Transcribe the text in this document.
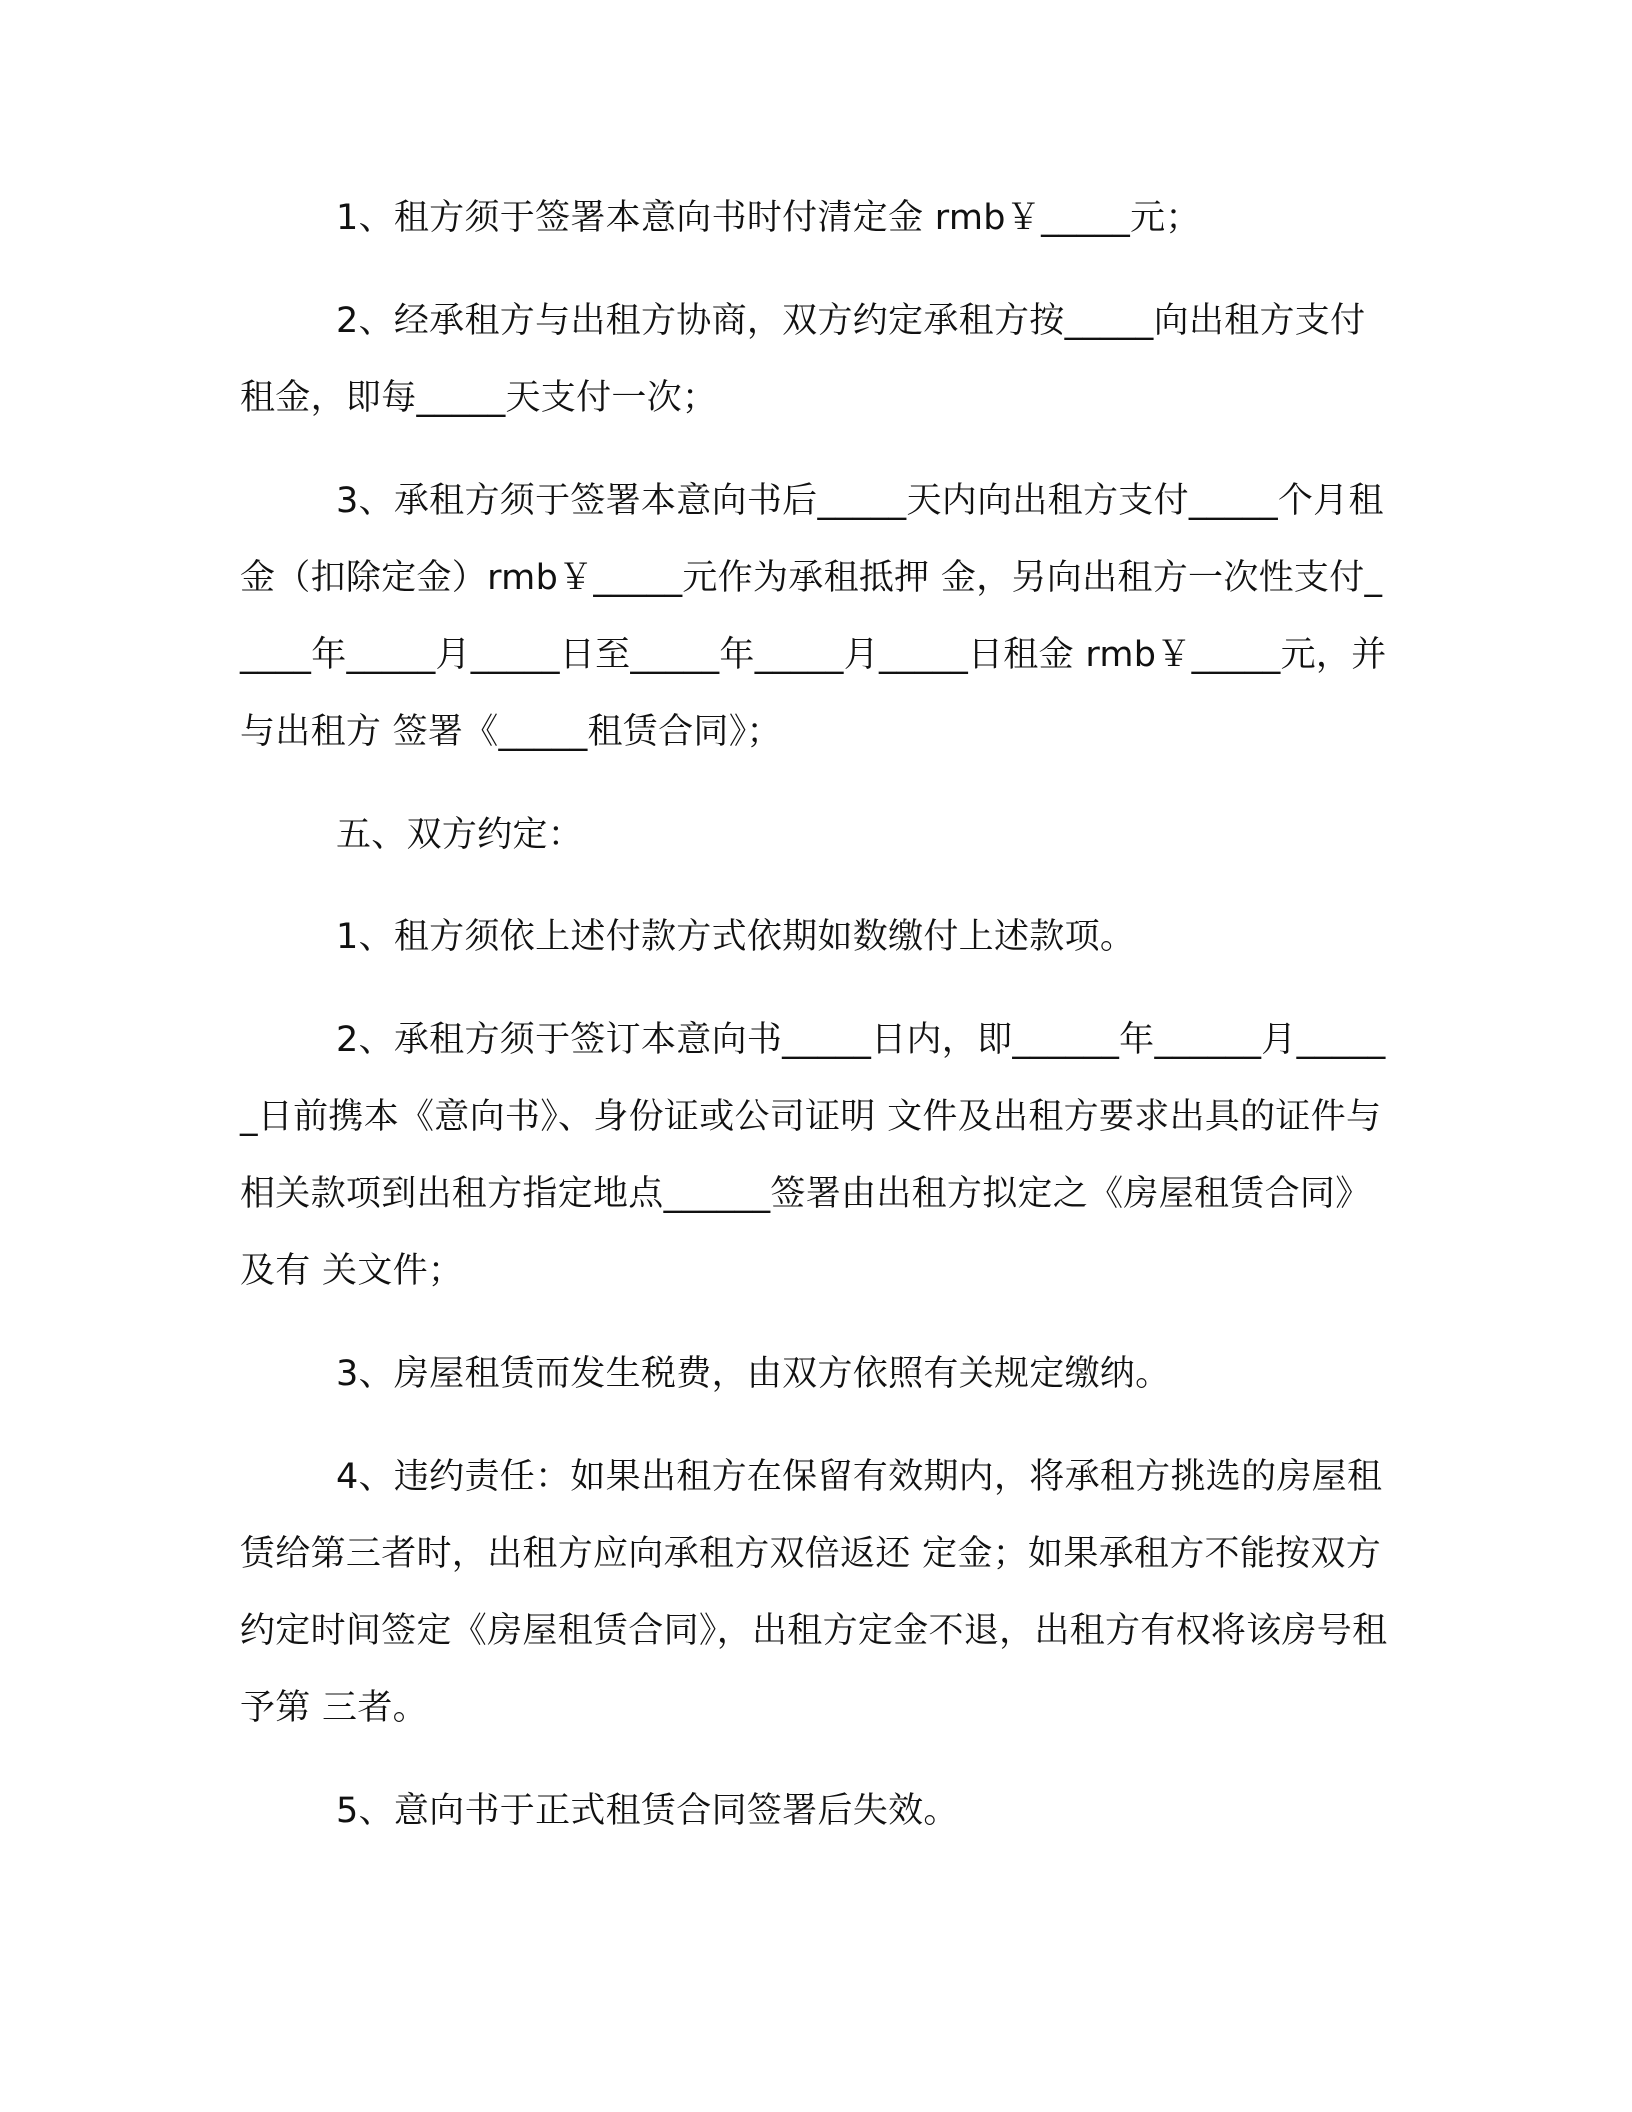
1、租方须于签署本意向书时付清定金 rmb￥_____元；

2、经承租方与出租方协商，双方约定承租方按_____向出租方支付租金，即每_____天支付一次；

3、承租方须于签署本意向书后_____天内向出租方支付_____个月租金（扣除定金）rmb￥_____元作为承租抵押 金，另向出租方一次性支付_____年_____月_____日至_____年_____月_____日租金 rmb￥_____元，并与出租方 签署《_____租赁合同》；

五、双方约定：

1、租方须依上述付款方式依期如数缴付上述款项。

2、承租方须于签订本意向书_____日内，即______年______月______日前携本《意向书》、身份证或公司证明 文件及出租方要求出具的证件与相关款项到出租方指定地点______签署由出租方拟定之《房屋租赁合同》及有 关文件；

3、房屋租赁而发生税费，由双方依照有关规定缴纳。

4、违约责任：如果出租方在保留有效期内，将承租方挑选的房屋租赁给第三者时，出租方应向承租方双倍返还 定金；如果承租方不能按双方约定时间签定《房屋租赁合同》，出租方定金不退，出租方有权将该房号租予第 三者。

5、意向书于正式租赁合同签署后失效。
